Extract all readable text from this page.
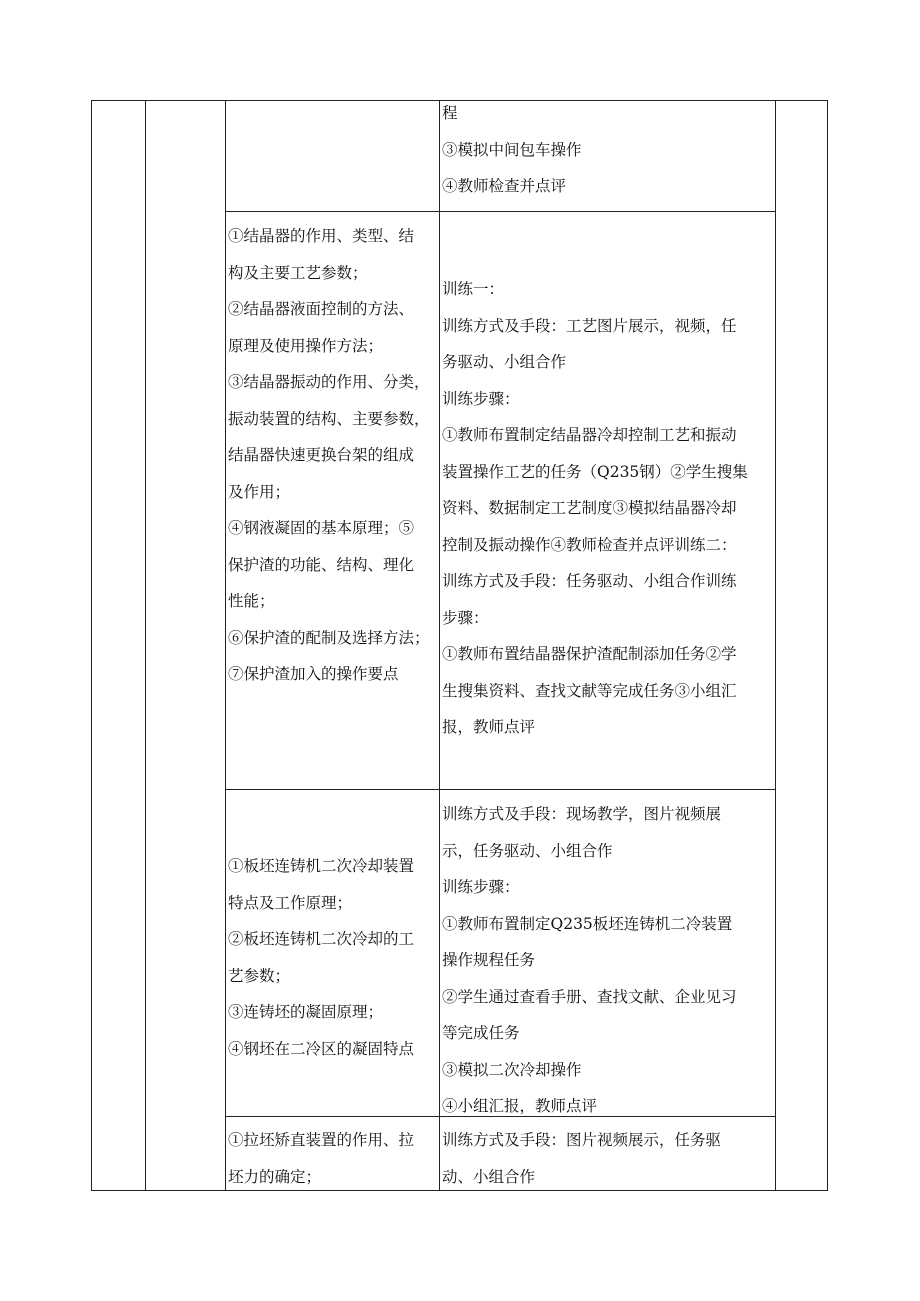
程

③模拟中间包车操作

④教师检查并点评

①结晶器的作用、类型、结

构及主要工艺参数；

②结晶器液面控制的方法、

原理及使用操作方法；

③结晶器振动的作用、分类，

振动装置的结构、主要参数，

结晶器快速更换台架的组成

及作用；

④钢液凝固的基本原理；⑤

保护渣的功能、结构、理化

性能；

⑥保护渣的配制及选择方法；

⑦保护渣加入的操作要点

训练一：

训练方式及手段：工艺图片展示，视频，任

务驱动、小组合作

训练步骤：

①教师布置制定结晶器冷却控制工艺和振动

装置操作工艺的任务（Q235钢）②学生搜集

资料、数据制定工艺制度③模拟结晶器冷却

控制及振动操作④教师检查并点评训练二：

训练方式及手段：任务驱动、小组合作训练

步骤：

①教师布置结晶器保护渣配制添加任务②学

生搜集资料、查找文献等完成任务③小组汇

报，教师点评

①板坯连铸机二次冷却装置

特点及工作原理；

②板坯连铸机二次冷却的工

艺参数；

③连铸坯的凝固原理；

④钢坯在二冷区的凝固特点

训练方式及手段：现场教学，图片视频展

示，任务驱动、小组合作

训练步骤：

①教师布置制定Q235板坯连铸机二冷装置

操作规程任务

②学生通过查看手册、查找文献、企业见习

等完成任务

③模拟二次冷却操作

④小组汇报，教师点评

①拉坯矫直装置的作用、拉

坯力的确定；

训练方式及手段：图片视频展示，任务驱

动、小组合作
